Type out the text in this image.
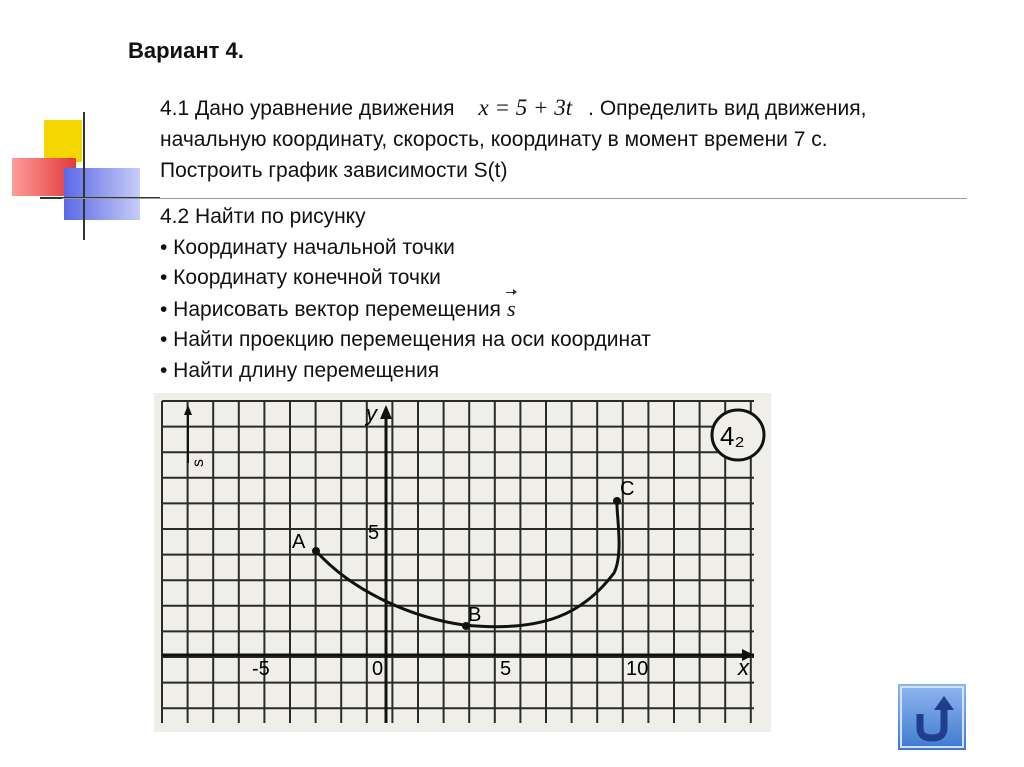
Вариант 4.
4.1 Дано уравнение движения x = 5 + 3t . Определить вид движения, начальную координату, скорость, координату в момент времени 7 с. Построить график зависимости S(t)
4.2 Найти по рисунку
• Координату начальной точки
• Координату конечной точки
• Нарисовать вектор перемещения s
• Найти проекцию перемещения на оси координат
• Найти длину перемещения
s
y
x
5
-5	0	5	10
4₂
A
B
C
